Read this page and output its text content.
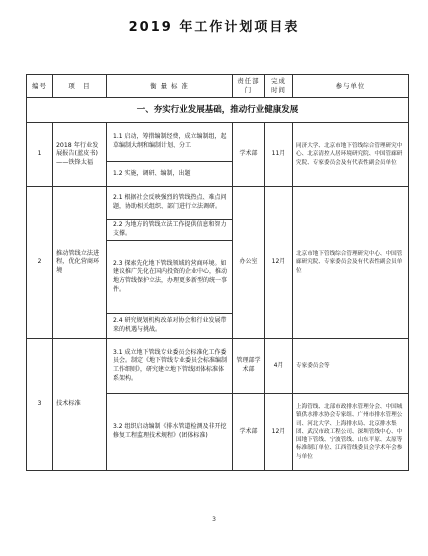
2019 年工作计划项目表
编号	项　目	衡 量 标 准	责任部门	完成时间	参与单位
一、夯实行业发展基础，推动行业健康发展					
1	2018 年行业发展报告(蓝皮书)——铁锋太福	1.1 启动，筹措编制经费，成立编制组，起草编制大纲和编制计划、分工	学术部	11月	同济大学、北京市地下管线综合管理研究中心、北京清控人居环境研究院、中国管廊研究院、专家委员会及有代表性副会员单位
		1.2 实施，调研、编制，出题			
2	推动管线立法进程，优化营商环境	2.1 根据社会反映强烈的管线热点、难点问题，协助相关组织、部门进行立法调研。	办公室	12月	北京市地下管线综合管理研究中心、中国管廊研究院、专家委员会及有代表性副会员单位
		2.2 为地方的管线立法工作提供信息和智力支撑。			
		2.3 探索先化地下管线领域的营商环境。如建议推广先化在国内投资的企业中心，推动地方管线保护立法，办理更多新型的统一事件。			
		2.4 研究规划机构改革对协会和行业发展带来的机遇与挑战。			
3	技术标准	3.1 成立地下管线专业委员会标准化工作委员会。制定《地下管线专业委员会标准编制工作细则》，研究建立地下管线团体标准体系架构。	管理部学术部	4月	专家委员会等
		3.2 组织启动编制《排水管道检测及非开挖修复工程监理技术规程》(团体标准)	学术部	12月	上海管线、北部市政排水管理分会、中国城镇供水排水协会专家组、广州市排水管理公司、河北大学、上海排水局、北京排水集团、武汉市政工程公司、深圳管线中心、中国地下管线、宁波管线、山东平原、太原等标准制订单位、江西管线委员会学术年会参与单位
3
